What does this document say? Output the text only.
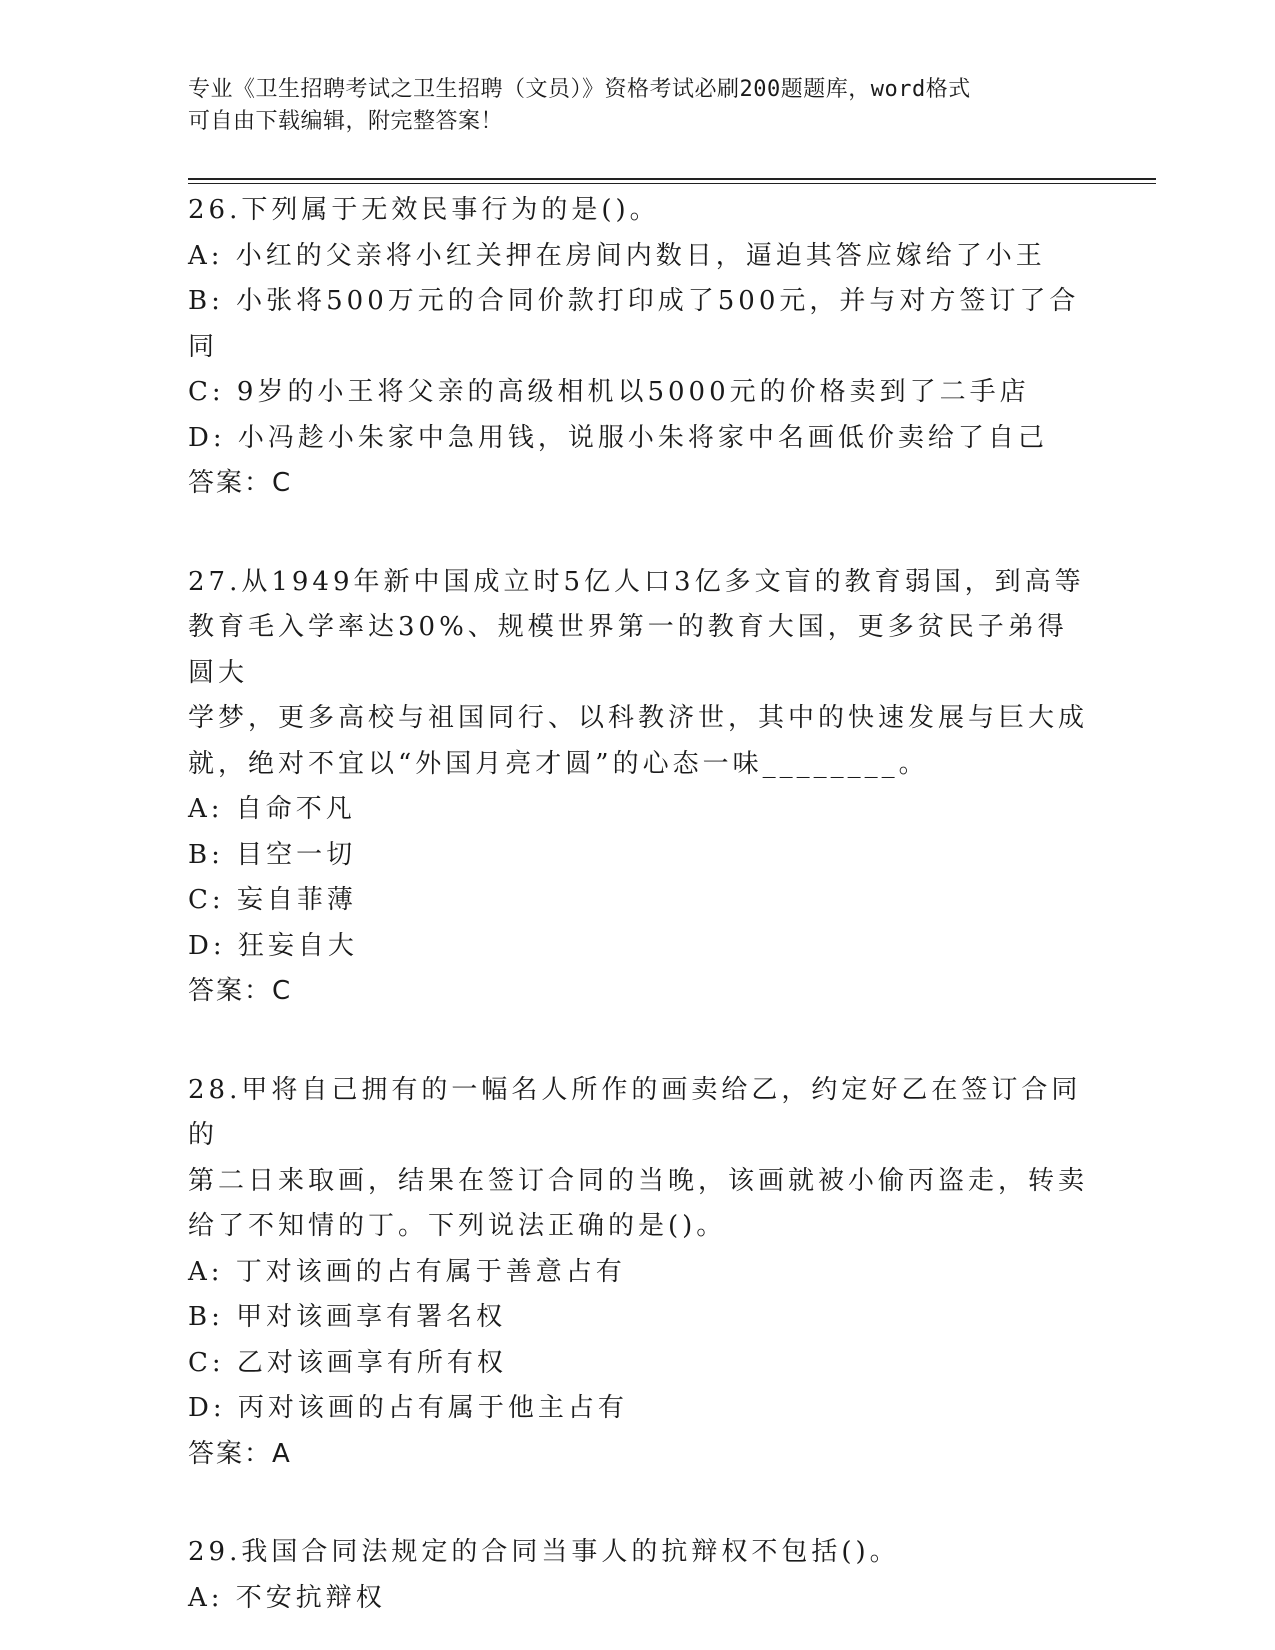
专业《卫生招聘考试之卫生招聘（文员）》资格考试必刷200题题库，word格式
可自由下载编辑，附完整答案！

26.下列属于无效民事行为的是()。

A: 小红的父亲将小红关押在房间内数日，逼迫其答应嫁给了小王

B: 小张将500万元的合同价款打印成了500元，并与对方签订了合同

C: 9岁的小王将父亲的高级相机以5000元的价格卖到了二手店

D: 小冯趁小朱家中急用钱，说服小朱将家中名画低价卖给了自己

答案：C

27.从1949年新中国成立时5亿人口3亿多文盲的教育弱国，到高等

教育毛入学率达30%、规模世界第一的教育大国，更多贫民子弟得圆大

学梦，更多高校与祖国同行、以科教济世，其中的快速发展与巨大成

就，绝对不宜以“外国月亮才圆”的心态一味________。

A: 自命不凡

B: 目空一切

C: 妄自菲薄

D: 狂妄自大

答案：C

28.甲将自己拥有的一幅名人所作的画卖给乙，约定好乙在签订合同的

第二日来取画，结果在签订合同的当晚，该画就被小偷丙盗走，转卖

给了不知情的丁。下列说法正确的是()。

A: 丁对该画的占有属于善意占有

B: 甲对该画享有署名权

C: 乙对该画享有所有权

D: 丙对该画的占有属于他主占有

答案：A

29.我国合同法规定的合同当事人的抗辩权不包括()。

A: 不安抗辩权
